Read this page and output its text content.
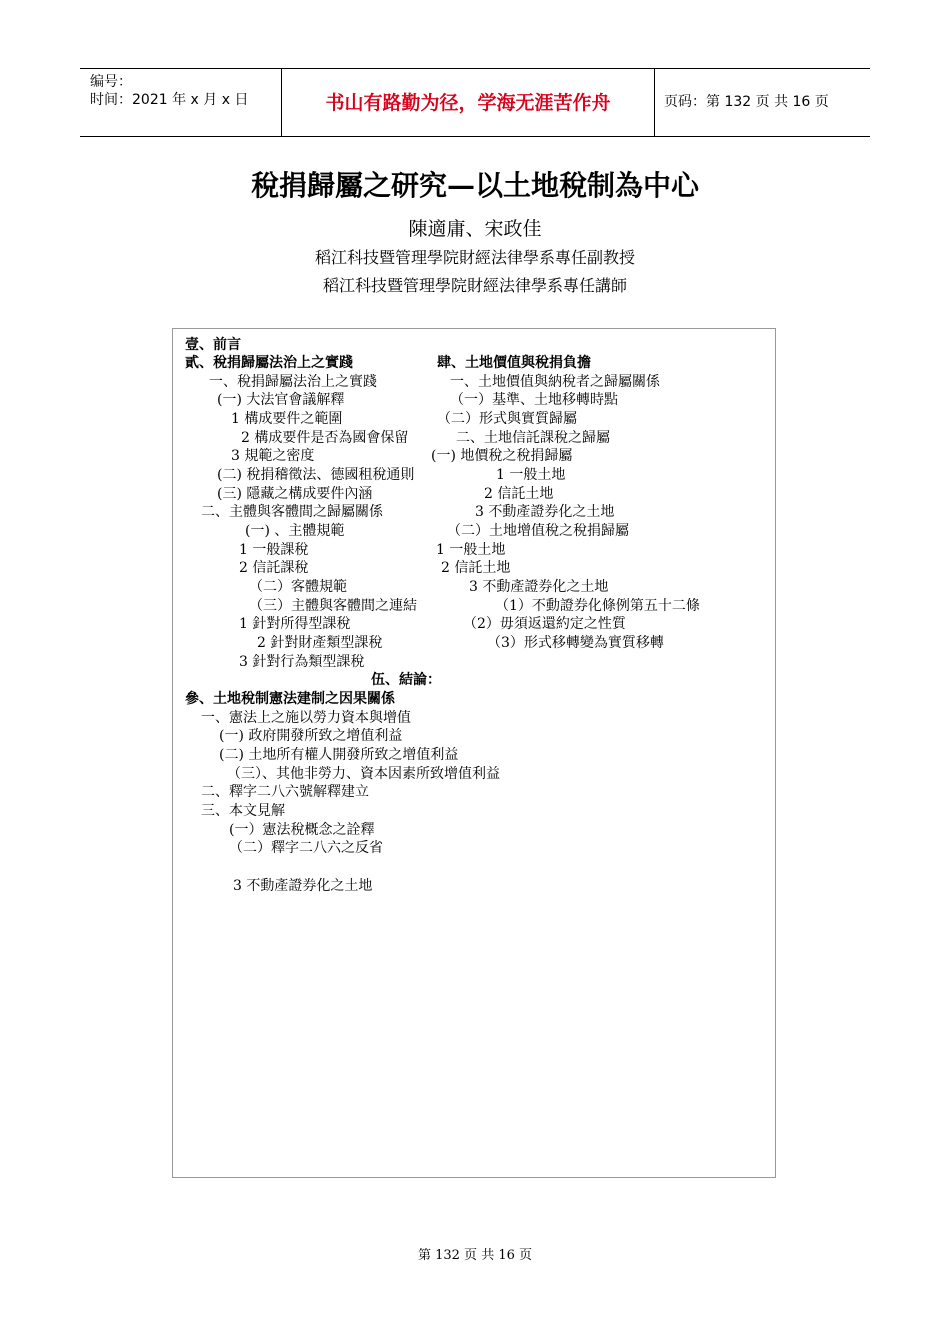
编号：
时间：2021 年 x 月 x 日	书山有路勤为径，学海无涯苦作舟	页码：第 132 页 共 16 页
稅捐歸屬之研究—以土地稅制為中心
陳適庸、宋政佳
稻江科技暨管理學院財經法律學系專任副教授
稻江科技暨管理學院財經法律學系專任講師
壹、前言
貳、稅捐歸屬法治上之實踐	肆、土地價值與稅捐負擔
一、稅捐歸屬法治上之實踐	一、土地價值與納稅者之歸屬關係
(一) 大法官會議解釋	（一）基準、土地移轉時點
1 構成要件之範圍	（二）形式與實質歸屬
2 構成要件是否為國會保留	二、土地信託課稅之歸屬
3 規範之密度	(一) 地價稅之稅捐歸屬
(二) 稅捐稽徵法、德國租稅通則	1 一般土地
(三) 隱藏之構成要件內涵	2 信託土地
二、主體與客體間之歸屬關係	3 不動產證券化之土地
(一) 、主體規範	（二）土地增值稅之稅捐歸屬
1 一般課稅	1 一般土地
2 信託課稅	2 信託土地
（二）客體規範	3 不動產證券化之土地
（三）主體與客體間之連結	（1）不動證券化條例第五十二條
1 針對所得型課稅	（2）毋須返還約定之性質
2 針對財產類型課稅	（3）形式移轉變為實質移轉
3 針對行為類型課稅
伍、結論：
參、土地稅制憲法建制之因果關係
一、憲法上之施以勞力資本與增值
(一) 政府開發所致之增值利益
(二) 土地所有權人開發所致之增值利益
（三）、其他非勞力、資本因素所致增值利益
二、釋字二八六號解釋建立
三、本文見解
(一）憲法稅概念之詮釋
（二）釋字二八六之反省
3 不動產證券化之土地
第 132 页 共 16 页
